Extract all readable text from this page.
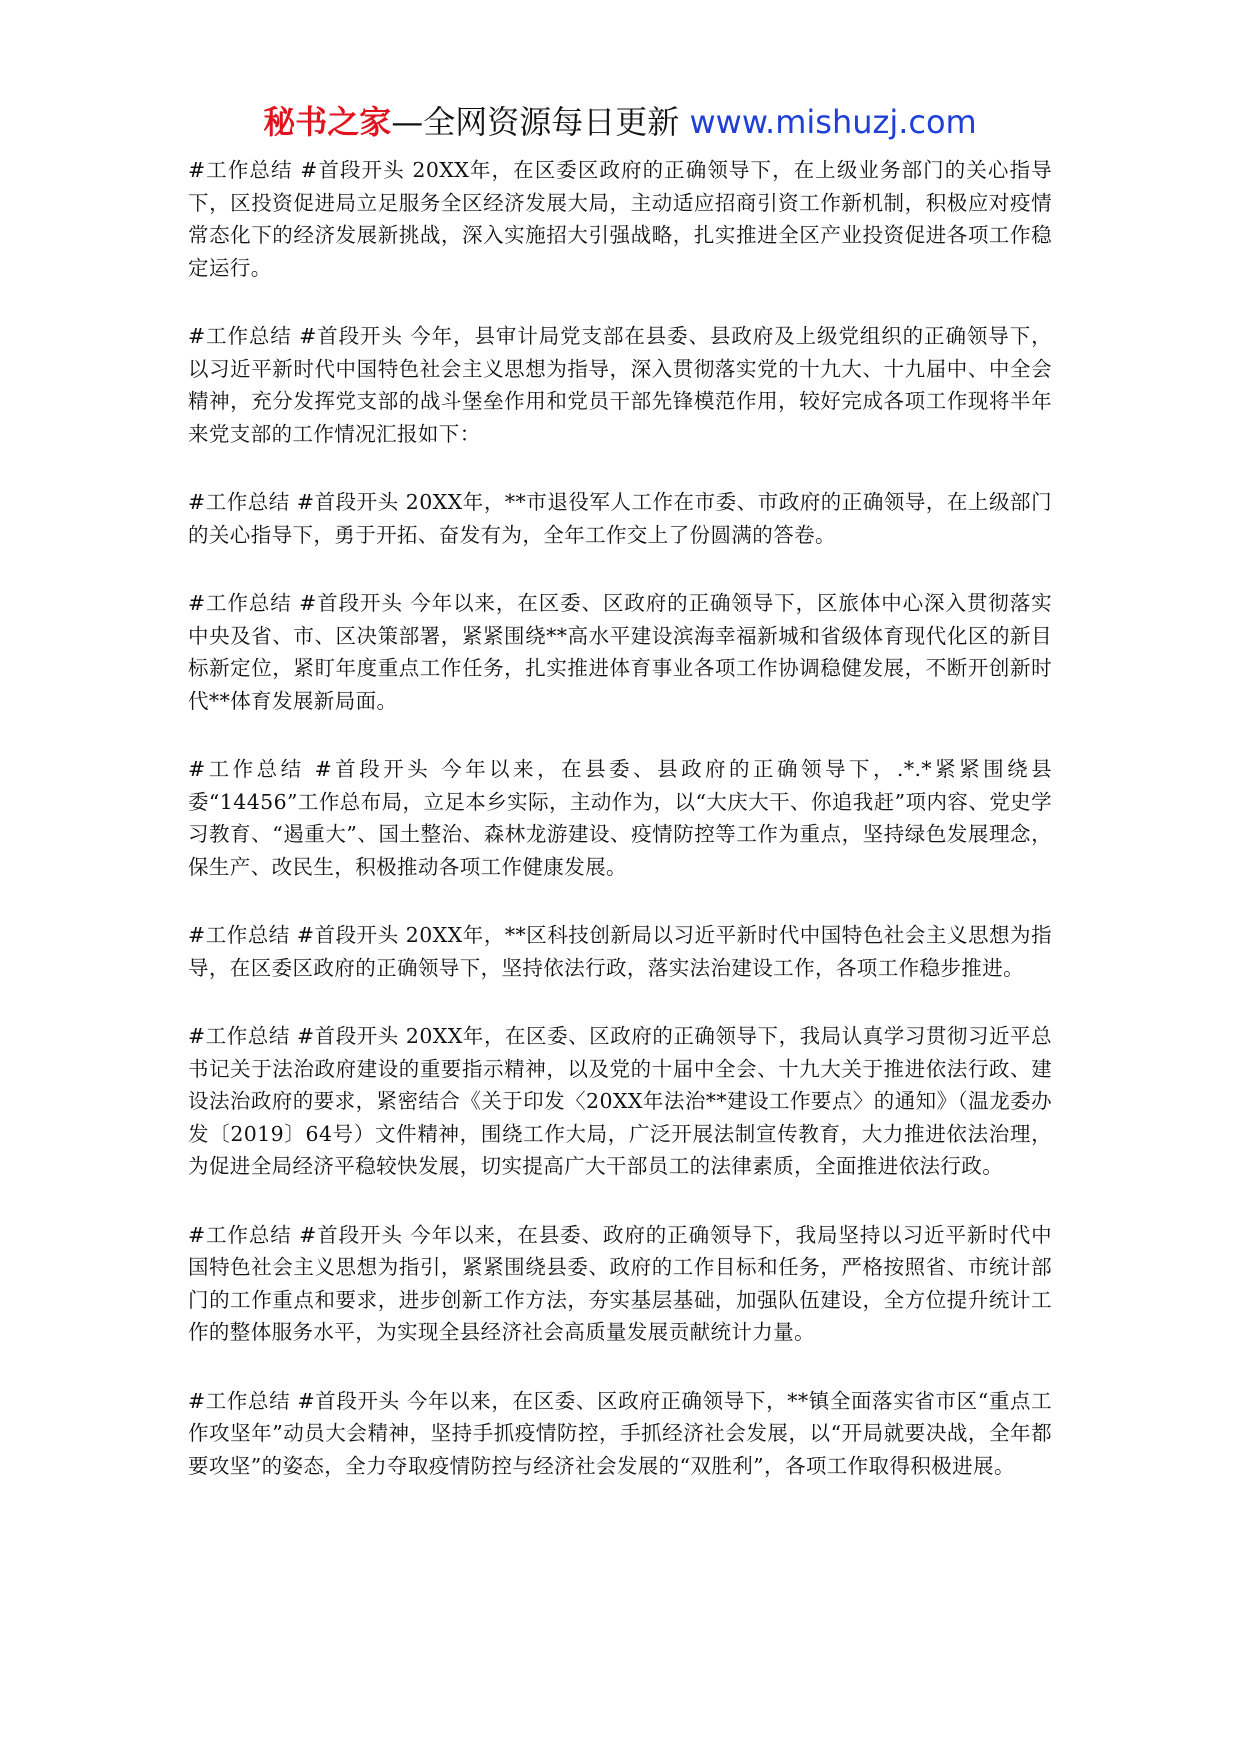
秘书之家—全网资源每日更新 www.mishuzj.com

#工作总结 #首段开头 20XX年，在区委区政府的正确领导下，在上级业务部门的关心指导下，区投资促进局立足服务全区经济发展大局，主动适应招商引资工作新机制，积极应对疫情常态化下的经济发展新挑战，深入实施招大引强战略，扎实推进全区产业投资促进各项工作稳定运行。

#工作总结 #首段开头 今年，县审计局党支部在县委、县政府及上级党组织的正确领导下，以习近平新时代中国特色社会主义思想为指导，深入贯彻落实党的十九大、十九届中、中全会精神，充分发挥党支部的战斗堡垒作用和党员干部先锋模范作用，较好完成各项工作现将半年来党支部的工作情况汇报如下：

#工作总结 #首段开头 20XX年，**市退役军人工作在市委、市政府的正确领导，在上级部门的关心指导下，勇于开拓、奋发有为，全年工作交上了份圆满的答卷。

#工作总结 #首段开头 今年以来，在区委、区政府的正确领导下，区旅体中心深入贯彻落实中央及省、市、区决策部署，紧紧围绕**高水平建设滨海幸福新城和省级体育现代化区的新目标新定位，紧盯年度重点工作任务，扎实推进体育事业各项工作协调稳健发展，不断开创新时代**体育发展新局面。

#工作总结 #首段开头 今年以来，在县委、县政府的正确领导下，.*.*紧紧围绕县委“14456”工作总布局，立足本乡实际，主动作为，以“大庆大干、你追我赶”项内容、党史学习教育、“遏重大”、国土整治、森林龙游建设、疫情防控等工作为重点，坚持绿色发展理念，保生产、改民生，积极推动各项工作健康发展。

#工作总结 #首段开头 20XX年，**区科技创新局以习近平新时代中国特色社会主义思想为指导，在区委区政府的正确领导下，坚持依法行政，落实法治建设工作，各项工作稳步推进。

#工作总结 #首段开头 20XX年，在区委、区政府的正确领导下，我局认真学习贯彻习近平总书记关于法治政府建设的重要指示精神，以及党的十届中全会、十九大关于推进依法行政、建设法治政府的要求，紧密结合《关于印发〈20XX年法治**建设工作要点〉的通知》（温龙委办发〔2019〕64号）文件精神，围绕工作大局，广泛开展法制宣传教育，大力推进依法治理，为促进全局经济平稳较快发展，切实提高广大干部员工的法律素质，全面推进依法行政。

#工作总结 #首段开头 今年以来，在县委、政府的正确领导下，我局坚持以习近平新时代中国特色社会主义思想为指引，紧紧围绕县委、政府的工作目标和任务，严格按照省、市统计部门的工作重点和要求，进步创新工作方法，夯实基层基础，加强队伍建设，全方位提升统计工作的整体服务水平，为实现全县经济社会高质量发展贡献统计力量。

#工作总结 #首段开头 今年以来，在区委、区政府正确领导下，**镇全面落实省市区“重点工作攻坚年”动员大会精神，坚持手抓疫情防控，手抓经济社会发展，以“开局就要决战，全年都要攻坚”的姿态，全力夺取疫情防控与经济社会发展的“双胜利”，各项工作取得积极进展。
